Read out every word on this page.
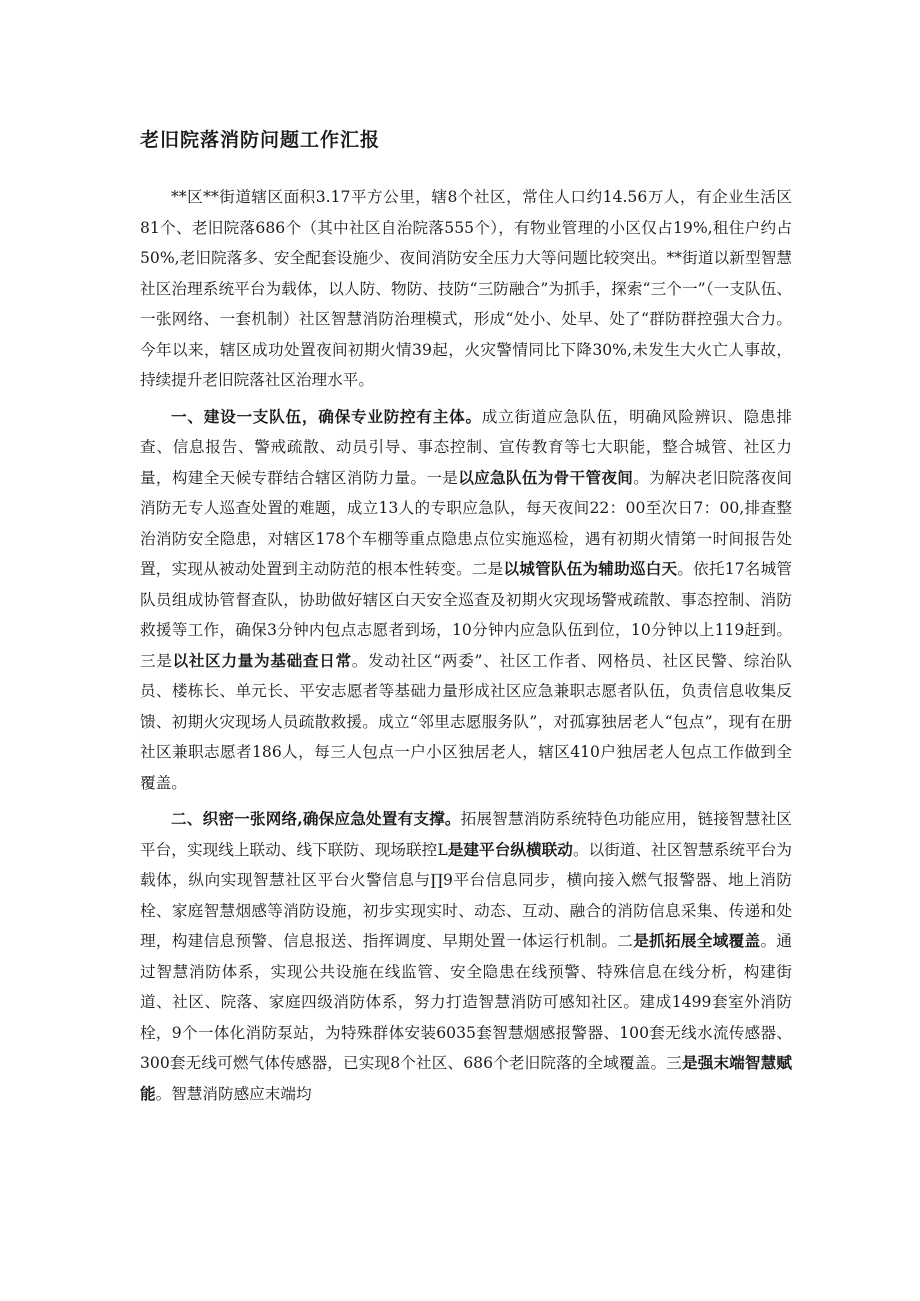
老旧院落消防问题工作汇报

**区**街道辖区面积3.17平方公里，辖8个社区，常住人口约14.56万人，有企业生活区81个、老旧院落686个（其中社区自治院落555个），有物业管理的小区仅占19%,租住户约占50%,老旧院落多、安全配套设施少、夜间消防安全压力大等问题比较突出。**街道以新型智慧社区治理系统平台为载体，以人防、物防、技防“三防融合”为抓手，探索“三个一”（一支队伍、一张网络、一套机制）社区智慧消防治理模式，形成“处小、处早、处了“群防群控强大合力。今年以来，辖区成功处置夜间初期火情39起，火灾警情同比下降30%,未发生大火亡人事故，持续提升老旧院落社区治理水平。

一、建设一支队伍，确保专业防控有主体。成立街道应急队伍，明确风险辨识、隐患排查、信息报告、警戒疏散、动员引导、事态控制、宣传教育等七大职能，整合城管、社区力量，构建全天候专群结合辖区消防力量。一是以应急队伍为骨干管夜间。为解决老旧院落夜间消防无专人巡查处置的难题，成立13人的专职应急队，每天夜间22：00至次日7：00,排查整治消防安全隐患，对辖区178个车棚等重点隐患点位实施巡检，遇有初期火情第一时间报告处置，实现从被动处置到主动防范的根本性转变。二是以城管队伍为辅助巡白天。依托17名城管队员组成协管督查队，协助做好辖区白天安全巡查及初期火灾现场警戒疏散、事态控制、消防救援等工作，确保3分钟内包点志愿者到场，10分钟内应急队伍到位，10分钟以上119赶到。三是以社区力量为基础查日常。发动社区“两委”、社区工作者、网格员、社区民警、综治队员、楼栋长、单元长、平安志愿者等基础力量形成社区应急兼职志愿者队伍，负责信息收集反馈、初期火灾现场人员疏散救援。成立“邻里志愿服务队”，对孤寡独居老人“包点”，现有在册社区兼职志愿者186人，每三人包点一户小区独居老人，辖区410户独居老人包点工作做到全覆盖。

二、织密一张网络,确保应急处置有支撑。拓展智慧消防系统特色功能应用，链接智慧社区平台，实现线上联动、线下联防、现场联控L是建平台纵横联动。以街道、社区智慧系统平台为载体，纵向实现智慧社区平台火警信息与∏9平台信息同步，横向接入燃气报警器、地上消防栓、家庭智慧烟感等消防设施，初步实现实时、动态、互动、融合的消防信息采集、传递和处理，构建信息预警、信息报送、指挥调度、早期处置一体运行机制。二是抓拓展全域覆盖。通过智慧消防体系，实现公共设施在线监管、安全隐患在线预警、特殊信息在线分析，构建街道、社区、院落、家庭四级消防体系，努力打造智慧消防可感知社区。建成1499套室外消防栓，9个一体化消防泵站，为特殊群体安装6035套智慧烟感报警器、100套无线水流传感器、300套无线可燃气体传感器，已实现8个社区、686个老旧院落的全域覆盖。三是强末端智慧赋能。智慧消防感应末端均
